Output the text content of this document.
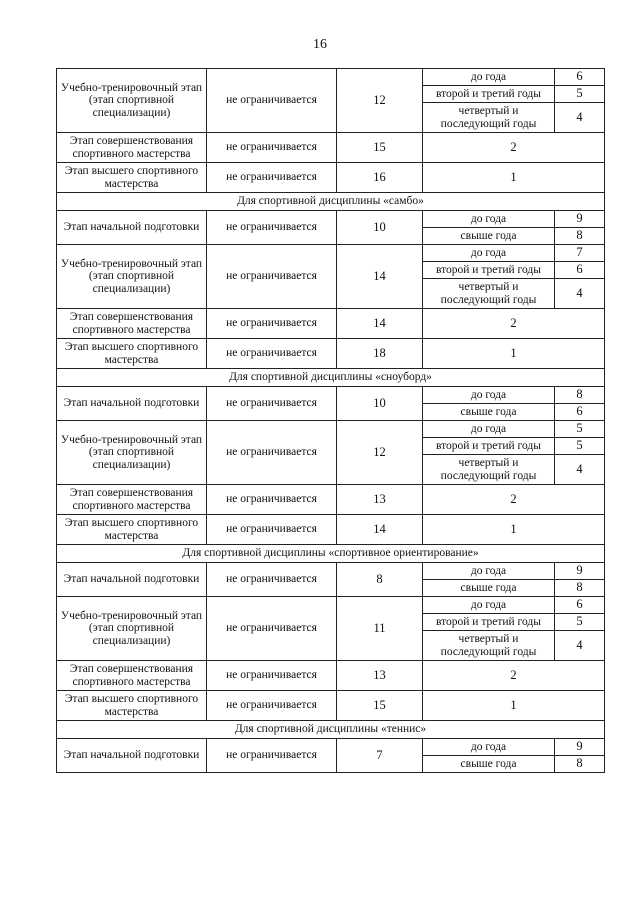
16
Учебно-тренировочный этап (этап спортивной специализации)	не ограничивается	12	до года	6
			второй и третий годы	5
			четвертый и последующий годы	4
Этап совершенствования спортивного мастерства	не ограничивается	15	2	
Этап высшего спортивного мастерства	не ограничивается	16	1	
Для спортивной дисциплины «самбо»				
Этап начальной подготовки	не ограничивается	10	до года	9
			свыше года	8
Учебно-тренировочный этап (этап спортивной специализации)	не ограничивается	14	до года	7
			второй и третий годы	6
			четвертый и последующий годы	4
Этап совершенствования спортивного мастерства	не ограничивается	14	2	
Этап высшего спортивного мастерства	не ограничивается	18	1	
Для спортивной дисциплины «сноуборд»				
Этап начальной подготовки	не ограничивается	10	до года	8
			свыше года	6
Учебно-тренировочный этап (этап спортивной специализации)	не ограничивается	12	до года	5
			второй и третий годы	5
			четвертый и последующий годы	4
Этап совершенствования спортивного мастерства	не ограничивается	13	2	
Этап высшего спортивного мастерства	не ограничивается	14	1	
Для спортивной дисциплины «спортивное ориентирование»				
Этап начальной подготовки	не ограничивается	8	до года	9
			свыше года	8
Учебно-тренировочный этап (этап спортивной специализации)	не ограничивается	11	до года	6
			второй и третий годы	5
			четвертый и последующий годы	4
Этап совершенствования спортивного мастерства	не ограничивается	13	2	
Этап высшего спортивного мастерства	не ограничивается	15	1	
Для спортивной дисциплины «теннис»				
Этап начальной подготовки	не ограничивается	7	до года	9
			свыше года	8
